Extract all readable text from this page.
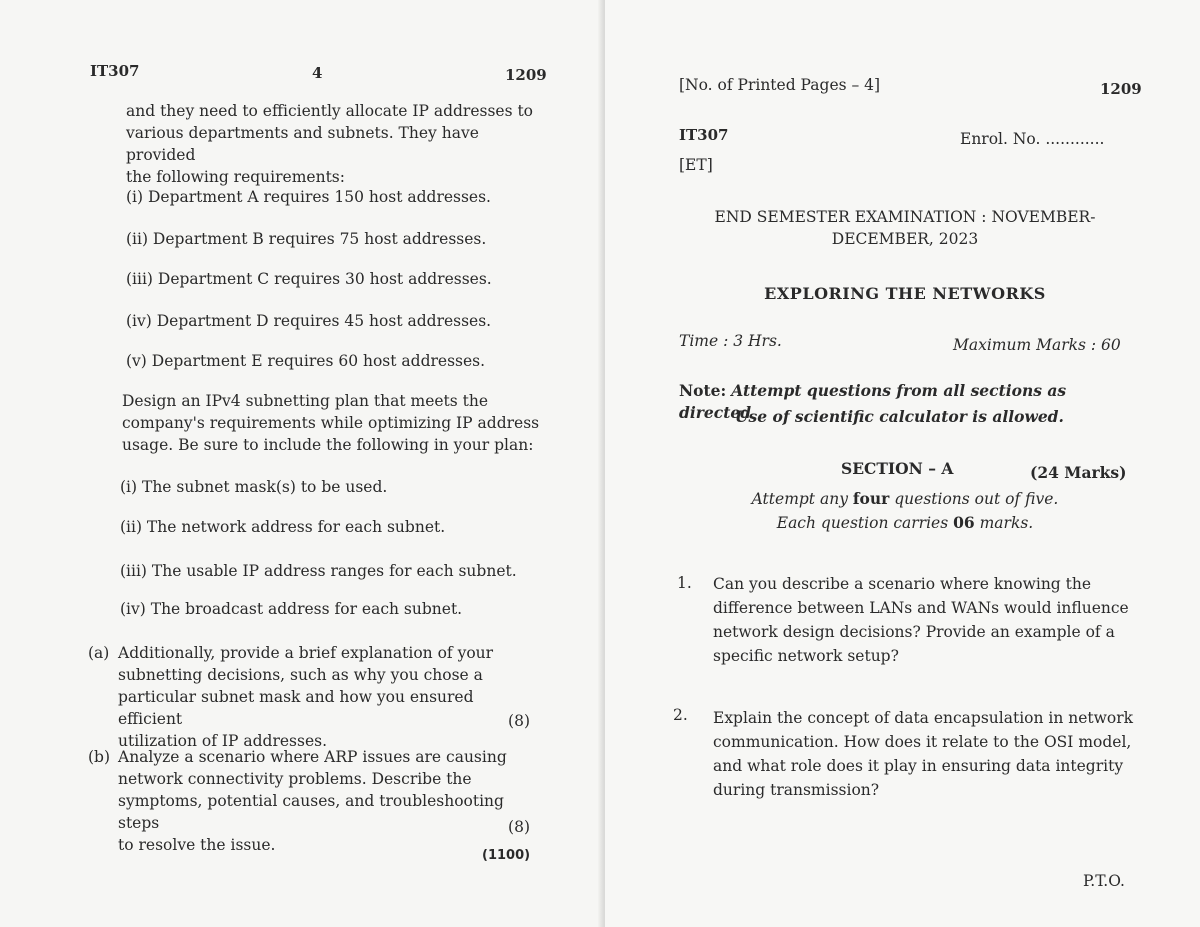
IT307	4	1209
and they need to efficiently allocate IP addresses to
various departments and subnets. They have provided
the following requirements:
(i) Department A requires 150 host addresses.
(ii) Department B requires 75 host addresses.
(iii) Department C requires 30 host addresses.
(iv) Department D requires 45 host addresses.
(v) Department E requires 60 host addresses.
Design an IPv4 subnetting plan that meets the
company's requirements while optimizing IP address
usage. Be sure to include the following in your plan:
(i) The subnet mask(s) to be used.
(ii) The network address for each subnet.
(iii) The usable IP address ranges for each subnet.
(iv) The broadcast address for each subnet.
(a) Additionally, provide a brief explanation of your
subnetting decisions, such as why you chose a
particular subnet mask and how you ensured efficient
utilization of IP addresses.
(8)
(b) Analyze a scenario where ARP issues are causing
network connectivity problems. Describe the
symptoms, potential causes, and troubleshooting steps
to resolve the issue.
(8)
(1100)
[No. of Printed Pages – 4]	1209
IT307	Enrol. No. ............
[ET]
END SEMESTER EXAMINATION : NOVEMBER-
DECEMBER, 2023
EXPLORING THE NETWORKS
Time : 3 Hrs.	Maximum Marks : 60
Note: Attempt questions from all sections as directed
Use of scientific calculator is allowed.
SECTION – A	(24 Marks)
Attempt any four questions out of five.
Each question carries 06 marks.
1. Can you describe a scenario where knowing the
difference between LANs and WANs would influence
network design decisions? Provide an example of a
specific network setup?
2. Explain the concept of data encapsulation in network
communication. How does it relate to the OSI model,
and what role does it play in ensuring data integrity
during transmission?
P.T.O.
